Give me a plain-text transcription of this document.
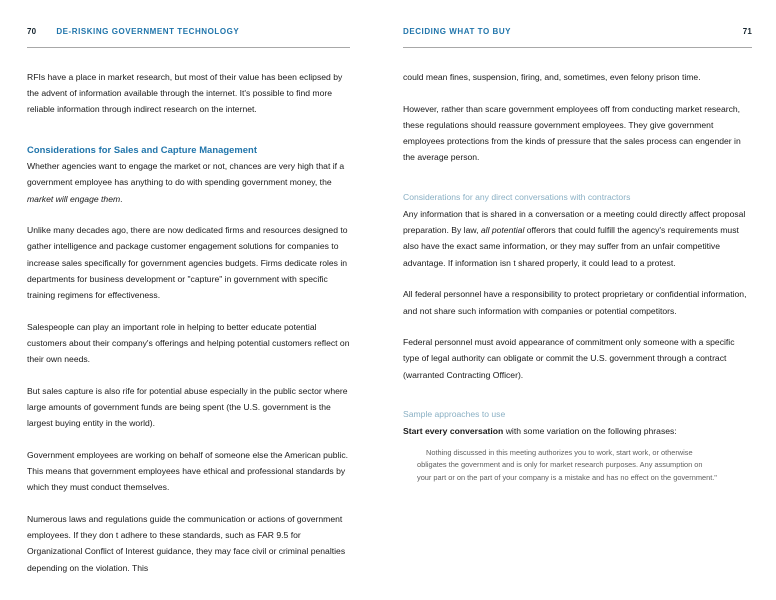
70	DE-RISKING GOVERNMENT TECHNOLOGY

RFIs have a place in market research, but most of their value has been eclipsed by the advent of information available through the internet. It's possible to find more reliable information through indirect research on the internet.

Considerations for Sales and Capture Management

Whether agencies want to engage the market or not, chances are very high that if a government employee has anything to do with spending government money, the market will engage them.

Unlike many decades ago, there are now dedicated firms and resources designed to gather intelligence and package customer engagement solutions for companies to increase sales specifically for government agencies budgets. Firms dedicate roles in departments for business development or "capture" in government with specific training regimens for effectiveness.

Salespeople can play an important role in helping to better educate potential customers about their company's offerings and helping potential customers reflect on their own needs.

But sales capture is also rife for potential abuse especially in the public sector where large amounts of government funds are being spent (the U.S. government is the largest buying entity in the world).

Government employees are working on behalf of someone else the American public. This means that government employees have ethical and professional standards by which they must conduct themselves.

Numerous laws and regulations guide the communication or actions of government employees. If they don t adhere to these standards, such as FAR 9.5 for Organizational Conflict of Interest guidance, they may face civil or criminal penalties depending on the violation. This

DECIDING WHAT TO BUY	71

could mean fines, suspension, firing, and, sometimes, even felony prison time.

However, rather than scare government employees off from conducting market research, these regulations should reassure government employees. They give government employees protections from the kinds of pressure that the sales process can engender in the average person.

Considerations for any direct conversations with contractors

Any information that is shared in a conversation or a meeting could directly affect proposal preparation. By law, all potential offerors that could fulfill the agency's requirements must also have the exact same information, or they may suffer from an unfair competitive advantage. If information isn t shared properly, it could lead to a protest.

All federal personnel have a responsibility to protect proprietary or confidential information, and not share such information with companies or potential competitors.

Federal personnel must avoid appearance of commitment only someone with a specific type of legal authority can obligate or commit the U.S. government through a contract (warranted Contracting Officer).

Sample approaches to use

Start every conversation with some variation on the following phrases:

Nothing discussed in this meeting authorizes you to work, start work, or otherwise obligates the government and is only for market research purposes. Any assumption on your part or on the part of your company is a mistake and has no effect on the government."
